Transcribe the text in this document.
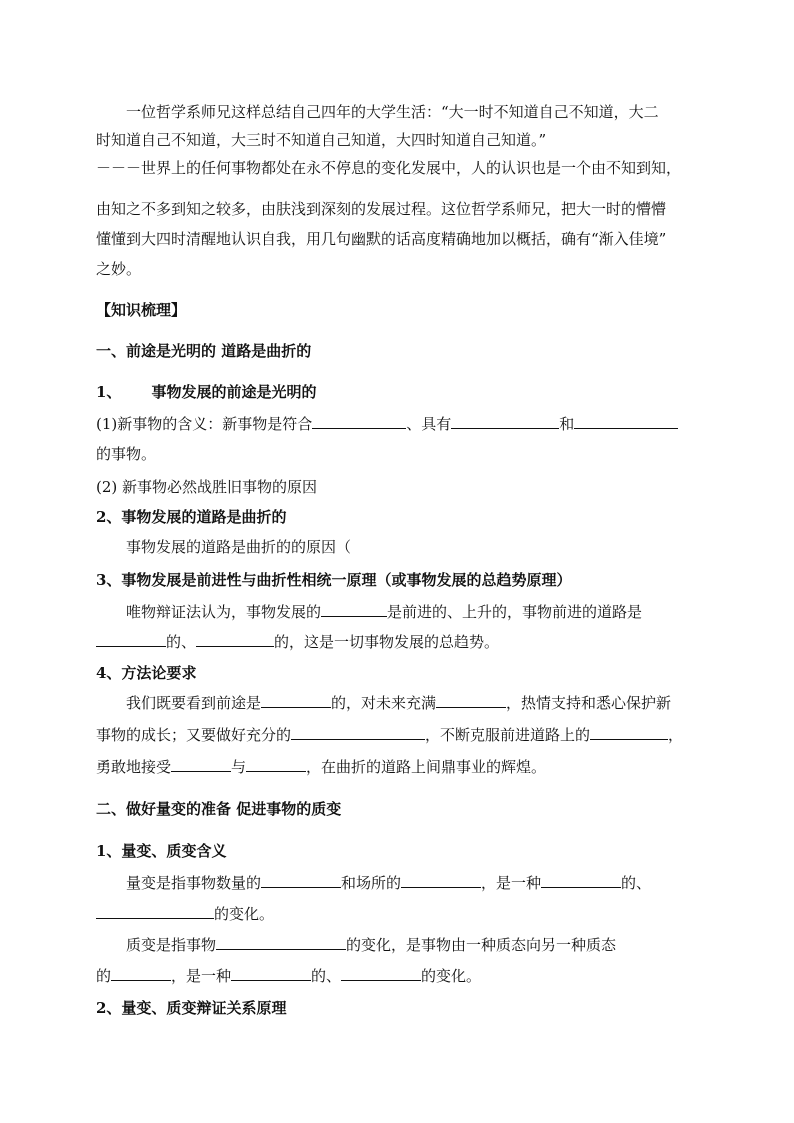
一位哲学系师兄这样总结自己四年的大学生活：“大一时不知道自己不知道，大二
时知道自己不知道，大三时不知道自己知道，大四时知道自己知道。”
－－－世界上的任何事物都处在永不停息的变化发展中，人的认识也是一个由不知到知，
由知之不多到知之较多，由肤浅到深刻的发展过程。这位哲学系师兄，把大一时的懵懵
懂懂到大四时清醒地认识自我，用几句幽默的话高度精确地加以概括，确有“渐入佳境”
之妙。
【知识梳理】
一、前途是光明的 道路是曲折的
1、 事物发展的前途是光明的
(1)新事物的含义：新事物是符合	、具有	和
的事物。
(2) 新事物必然战胜旧事物的原因
2、事物发展的道路是曲折的
事物发展的道路是曲折的的原因（
3、事物发展是前进性与曲折性相统一原理（或事物发展的总趋势原理）
唯物辩证法认为，事物发展的	是前进的、上升的，事物前进的道路是
的、	的，这是一切事物发展的总趋势。
4、方法论要求
我们既要看到前途是	的，对未来充满	，热情支持和悉心保护新
事物的成长；又要做好充分的	，不断克服前进道路上的	，
勇敢地接受	与	，在曲折的道路上间鼎事业的辉煌。
二、做好量变的准备 促进事物的质变
1、量变、质变含义
量变是指事物数量的	和场所的	，是一种	的、
的变化。
质变是指事物	的变化，是事物由一种质态向另一种质态
的	，是一种	的、	的变化。
2、量变、质变辩证关系原理
